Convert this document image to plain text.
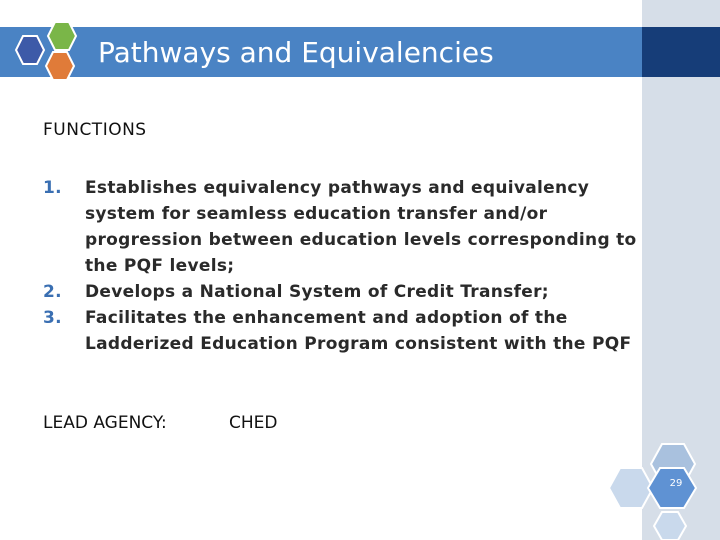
Pathways and Equivalencies
FUNCTIONS
1. Establishes equivalency pathways and equivalency system for seamless education transfer and/or progression between education levels corresponding to the PQF levels;
2. Develops a National System of Credit Transfer;
3. Facilitates the enhancement and adoption of the Ladderized Education Program consistent with the PQF
LEAD AGENCY:	CHED
29
